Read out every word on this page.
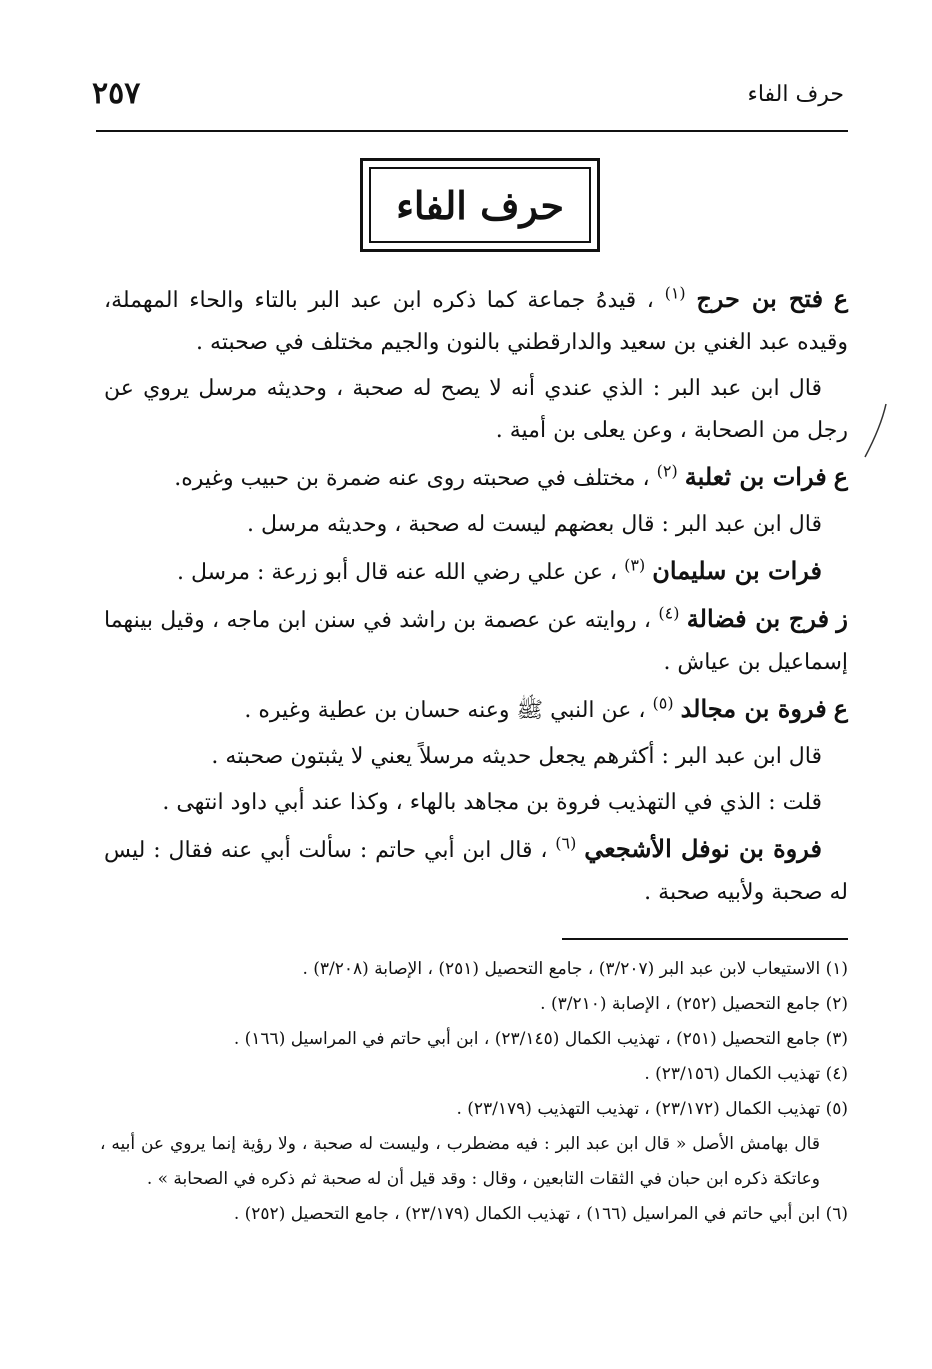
٢٥٧	حرف الفاء
حرف الفاء

ع فتح بن حرج $^{(١)}$ ، قيدهُ جماعة كما ذكره ابن عبد البر بالتاء والحاء المهملة، وقيده عبد الغني بن سعيد والدارقطني بالنون والجيم مختلف في صحبته .

قال ابن عبد البر : الذي عندي أنه لا يصح له صحبة ، وحديثه مرسل يروي عن رجل من الصحابة ، وعن يعلى بن أمية .

ع فرات بن ثعلبة $^{(٢)}$ ، مختلف في صحبته روى عنه ضمرة بن حبيب وغيره.

قال ابن عبد البر : قال بعضهم ليست له صحبة ، وحديثه مرسل .

فرات بن سليمان $^{(٣)}$ ، عن علي رضي الله عنه قال أبو زرعة : مرسل .

ز فرج بن فضالة $^{(٤)}$ ، روايته عن عصمة بن راشد في سنن ابن ماجه ، وقيل بينهما إسماعيل بن عياش .

ع فروة بن مجالد $^{(٥)}$ ، عن النبي ﷺ وعنه حسان بن عطية وغيره .

قال ابن عبد البر : أكثرهم يجعل حديثه مرسلاً يعني لا يثبتون صحبته .

قلت : الذي في التهذيب فروة بن مجاهد بالهاء ، وكذا عند أبي داود انتهى .

فروة بن نوفل الأشجعي $^{(٦)}$ ، قال ابن أبي حاتم : سألت أبي عنه فقال : ليس له صحبة ولأبيه صحبة .

(١) الاستيعاب لابن عبد البر (٣/٢٠٧) ، جامع التحصيل (٢٥١) ، الإصابة (٣/٢٠٨) .

(٢) جامع التحصيل (٢٥٢) ، الإصابة (٣/٢١٠) .

(٣) جامع التحصيل (٢٥١) ، تهذيب الكمال (٢٣/١٤٥) ، ابن أبي حاتم في المراسيل (١٦٦) .

(٤) تهذيب الكمال (٢٣/١٥٦) .

(٥) تهذيب الكمال (٢٣/١٧٢) ، تهذيب التهذيب (٢٣/١٧٩) .

قال بهامش الأصل « قال ابن عبد البر : فيه مضطرب ، وليست له صحبة ، ولا رؤية إنما يروي عن أبيه ، وعاتكة ذكره ابن حبان في الثقات التابعين ، وقال : وقد قيل أن له صحبة ثم ذكره في الصحابة » .

(٦) ابن أبي حاتم في المراسيل (١٦٦) ، تهذيب الكمال (٢٣/١٧٩) ، جامع التحصيل (٢٥٢) .
